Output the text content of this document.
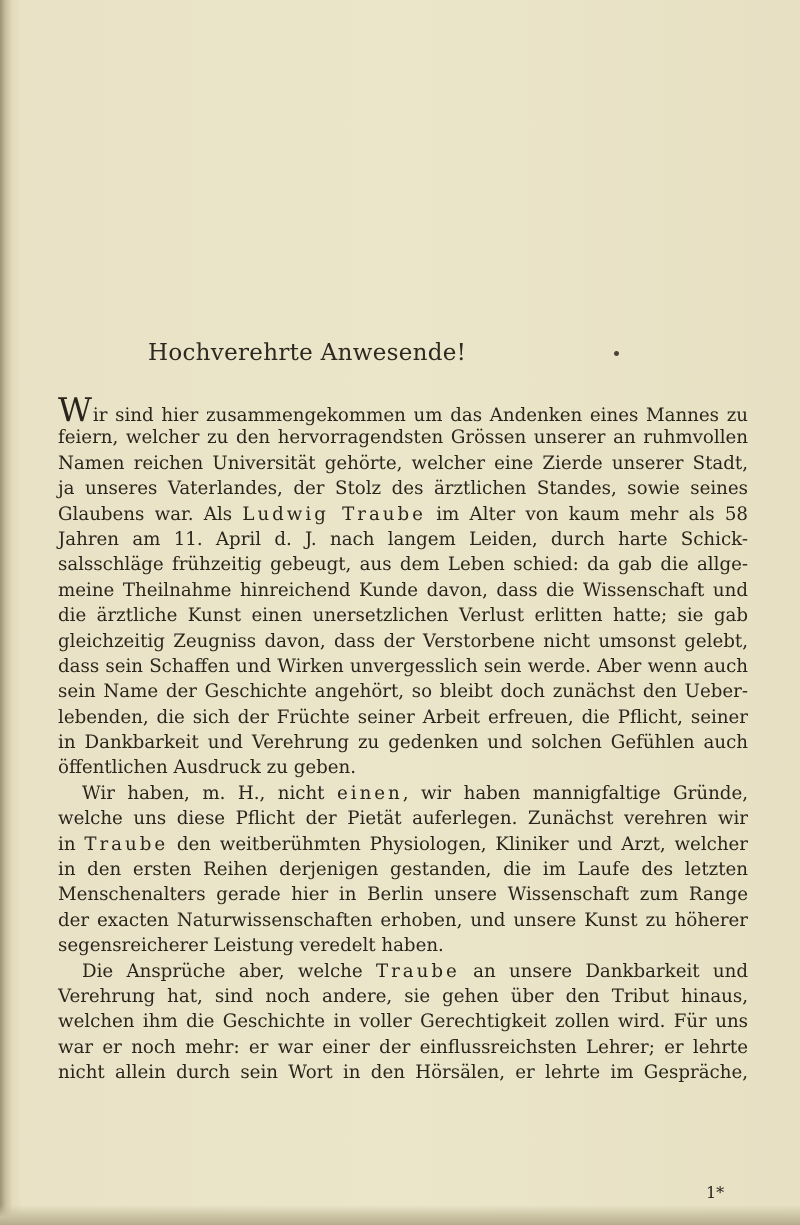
Hochverehrte Anwesende!
Wir sind hier zusammengekommen um das Andenken eines Mannes zu
feiern, welcher zu den hervorragendsten Grössen unserer an ruhmvollen
Namen reichen Universität gehörte, welcher eine Zierde unserer Stadt,
ja unseres Vaterlandes, der Stolz des ärztlichen Standes, sowie seines
Glaubens war. Als Ludwig Traube im Alter von kaum mehr als 58
Jahren am 11. April d. J. nach langem Leiden, durch harte Schick-
salsschläge frühzeitig gebeugt, aus dem Leben schied: da gab die allge-
meine Theilnahme hinreichend Kunde davon, dass die Wissenschaft und
die ärztliche Kunst einen unersetzlichen Verlust erlitten hatte; sie gab
gleichzeitig Zeugniss davon, dass der Verstorbene nicht umsonst gelebt,
dass sein Schaffen und Wirken unvergesslich sein werde. Aber wenn auch
sein Name der Geschichte angehört, so bleibt doch zunächst den Ueber-
lebenden, die sich der Früchte seiner Arbeit erfreuen, die Pflicht, seiner
in Dankbarkeit und Verehrung zu gedenken und solchen Gefühlen auch
öffentlichen Ausdruck zu geben.
Wir haben, m. H., nicht einen, wir haben mannigfaltige Gründe,
welche uns diese Pflicht der Pietät auferlegen. Zunächst verehren wir
in Traube den weitberühmten Physiologen, Kliniker und Arzt, welcher
in den ersten Reihen derjenigen gestanden, die im Laufe des letzten
Menschenalters gerade hier in Berlin unsere Wissenschaft zum Range
der exacten Naturwissenschaften erhoben, und unsere Kunst zu höherer
segensreicherer Leistung veredelt haben.
Die Ansprüche aber, welche Traube an unsere Dankbarkeit und
Verehrung hat, sind noch andere, sie gehen über den Tribut hinaus,
welchen ihm die Geschichte in voller Gerechtigkeit zollen wird. Für uns
war er noch mehr: er war einer der einflussreichsten Lehrer; er lehrte
nicht allein durch sein Wort in den Hörsälen, er lehrte im Gespräche,
1*
